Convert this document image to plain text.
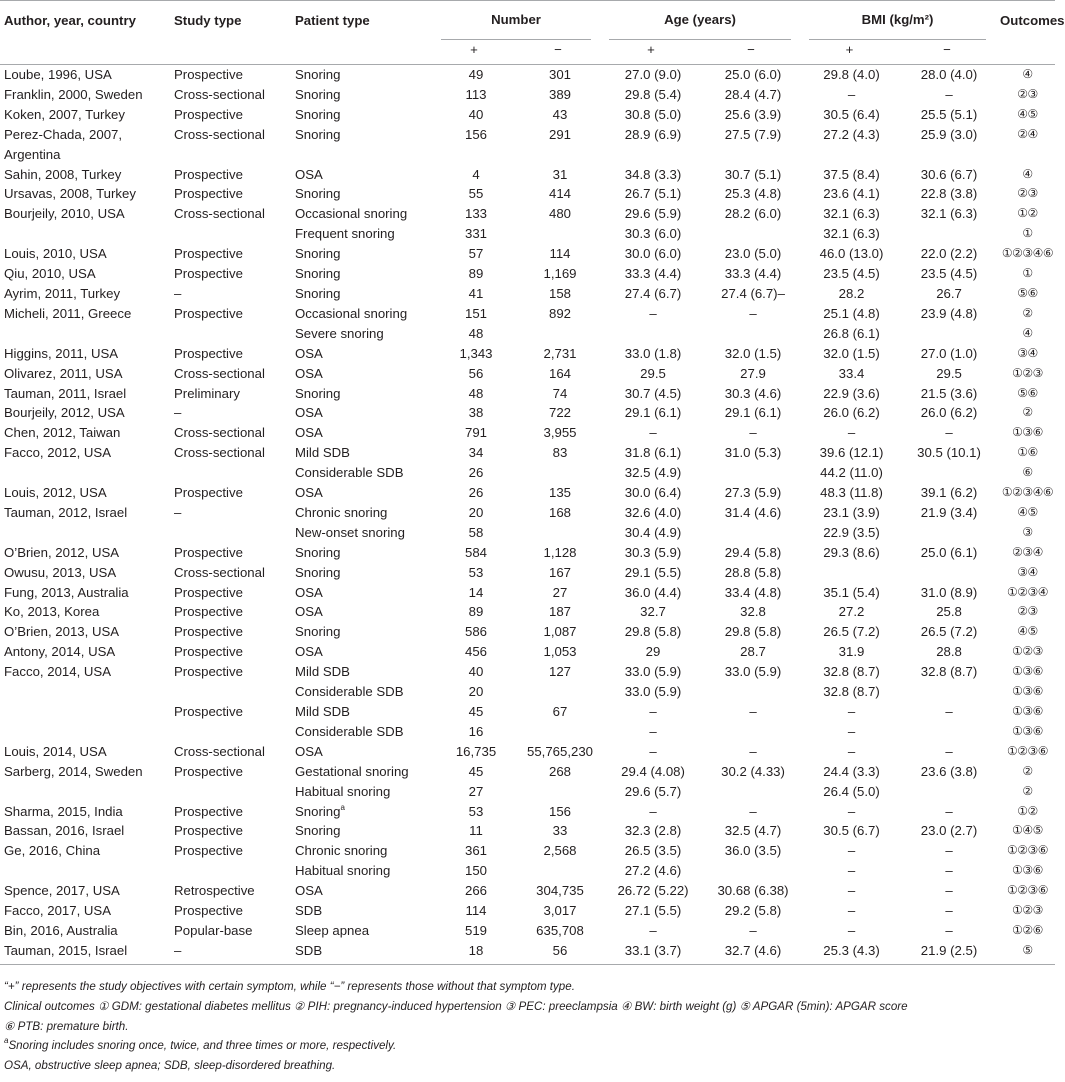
Author, year, country	Study type	Patient type	Number		Age (years)		BMI (kg/m²)		Outcomes
			+	−	+	−	+	−	
Loube, 1996, USA	Prospective	Snoring	49	301	27.0 (9.0)	25.0 (6.0)	29.8 (4.0)	28.0 (4.0)	④
Franklin, 2000, Sweden	Cross-sectional	Snoring	113	389	29.8 (5.4)	28.4 (4.7)	–	–	②③
Koken, 2007, Turkey	Prospective	Snoring	40	43	30.8 (5.0)	25.6 (3.9)	30.5 (6.4)	25.5 (5.1)	④⑤
Perez-Chada, 2007,
Argentina	Cross-sectional	Snoring	156	291	28.9 (6.9)	27.5 (7.9)	27.2 (4.3)	25.9 (3.0)	②④
Sahin, 2008, Turkey	Prospective	OSA	4	31	34.8 (3.3)	30.7 (5.1)	37.5 (8.4)	30.6 (6.7)	④
Ursavas, 2008, Turkey	Prospective	Snoring	55	414	26.7 (5.1)	25.3 (4.8)	23.6 (4.1)	22.8 (3.8)	②③
Bourjeily, 2010, USA	Cross-sectional	Occasional snoring	133	480	29.6 (5.9)	28.2 (6.0)	32.1 (6.3)	32.1 (6.3)	①②
		Frequent snoring	331		30.3 (6.0)		32.1 (6.3)		①
Louis, 2010, USA	Prospective	Snoring	57	114	30.0 (6.0)	23.0 (5.0)	46.0 (13.0)	22.0 (2.2)	①②③④⑥
Qiu, 2010, USA	Prospective	Snoring	89	1,169	33.3 (4.4)	33.3 (4.4)	23.5 (4.5)	23.5 (4.5)	①
Ayrim, 2011, Turkey	–	Snoring	41	158	27.4 (6.7)	27.4 (6.7)–	28.2	26.7	⑤⑥
Micheli, 2011, Greece	Prospective	Occasional snoring	151	892	–	–	25.1 (4.8)	23.9 (4.8)	②
		Severe snoring	48				26.8 (6.1)		④
Higgins, 2011, USA	Prospective	OSA	1,343	2,731	33.0 (1.8)	32.0 (1.5)	32.0 (1.5)	27.0 (1.0)	③④
Olivarez, 2011, USA	Cross-sectional	OSA	56	164	29.5	27.9	33.4	29.5	①②③
Tauman, 2011, Israel	Preliminary	Snoring	48	74	30.7 (4.5)	30.3 (4.6)	22.9 (3.6)	21.5 (3.6)	⑤⑥
Bourjeily, 2012, USA	–	OSA	38	722	29.1 (6.1)	29.1 (6.1)	26.0 (6.2)	26.0 (6.2)	②
Chen, 2012, Taiwan	Cross-sectional	OSA	791	3,955	–	–	–	–	①③⑥
Facco, 2012, USA	Cross-sectional	Mild SDB	34	83	31.8 (6.1)	31.0 (5.3)	39.6 (12.1)	30.5 (10.1)	①⑥
		Considerable SDB	26		32.5 (4.9)		44.2 (11.0)		⑥
Louis, 2012, USA	Prospective	OSA	26	135	30.0 (6.4)	27.3 (5.9)	48.3 (11.8)	39.1 (6.2)	①②③④⑥
Tauman, 2012, Israel	–	Chronic snoring	20	168	32.6 (4.0)	31.4 (4.6)	23.1 (3.9)	21.9 (3.4)	④⑤
		New-onset snoring	58		30.4 (4.9)		22.9 (3.5)		③
O’Brien, 2012, USA	Prospective	Snoring	584	1,128	30.3 (5.9)	29.4 (5.8)	29.3 (8.6)	25.0 (6.1)	②③④
Owusu, 2013, USA	Cross-sectional	Snoring	53	167	29.1 (5.5)	28.8 (5.8)			③④
Fung, 2013, Australia	Prospective	OSA	14	27	36.0 (4.4)	33.4 (4.8)	35.1 (5.4)	31.0 (8.9)	①②③④
Ko, 2013, Korea	Prospective	OSA	89	187	32.7	32.8	27.2	25.8	②③
O’Brien, 2013, USA	Prospective	Snoring	586	1,087	29.8 (5.8)	29.8 (5.8)	26.5 (7.2)	26.5 (7.2)	④⑤
Antony, 2014, USA	Prospective	OSA	456	1,053	29	28.7	31.9	28.8	①②③
Facco, 2014, USA	Prospective	Mild SDB	40	127	33.0 (5.9)	33.0 (5.9)	32.8 (8.7)	32.8 (8.7)	①③⑥
		Considerable SDB	20		33.0 (5.9)		32.8 (8.7)		①③⑥
	Prospective	Mild SDB	45	67	–	–	–	–	①③⑥
		Considerable SDB	16		–		–		①③⑥
Louis, 2014, USA	Cross-sectional	OSA	16,735	55,765,230	–	–	–	–	①②③⑥
Sarberg, 2014, Sweden	Prospective	Gestational snoring	45	268	29.4 (4.08)	30.2 (4.33)	24.4 (3.3)	23.6 (3.8)	②
		Habitual snoring	27		29.6 (5.7)		26.4 (5.0)		②
Sharma, 2015, India	Prospective	Snoring$^a$	53	156	–	–	–	–	①②
Bassan, 2016, Israel	Prospective	Snoring	11	33	32.3 (2.8)	32.5 (4.7)	30.5 (6.7)	23.0 (2.7)	①④⑤
Ge, 2016, China	Prospective	Chronic snoring	361	2,568	26.5 (3.5)	36.0 (3.5)	–	–	①②③⑥
		Habitual snoring	150		27.2 (4.6)		–	–	①③⑥
Spence, 2017, USA	Retrospective	OSA	266	304,735	26.72 (5.22)	30.68 (6.38)	–	–	①②③⑥
Facco, 2017, USA	Prospective	SDB	114	3,017	27.1 (5.5)	29.2 (5.8)	–	–	①②③
Bin, 2016, Australia	Popular-base	Sleep apnea	519	635,708	–	–	–	–	①②⑥
Tauman, 2015, Israel	–	SDB	18	56	33.1 (3.7)	32.7 (4.6)	25.3 (4.3)	21.9 (2.5)	⑤

“+” represents the study objectives with certain symptom, while “−” represents those without that symptom type.

Clinical outcomes ① GDM: gestational diabetes mellitus ② PIH: pregnancy-induced hypertension ③ PEC: preeclampsia ④ BW: birth weight (g) ⑤ APGAR (5min): APGAR score

⑥ PTB: premature birth.

$^a$Snoring includes snoring once, twice, and three times or more, respectively.

OSA, obstructive sleep apnea; SDB, sleep-disordered breathing.
